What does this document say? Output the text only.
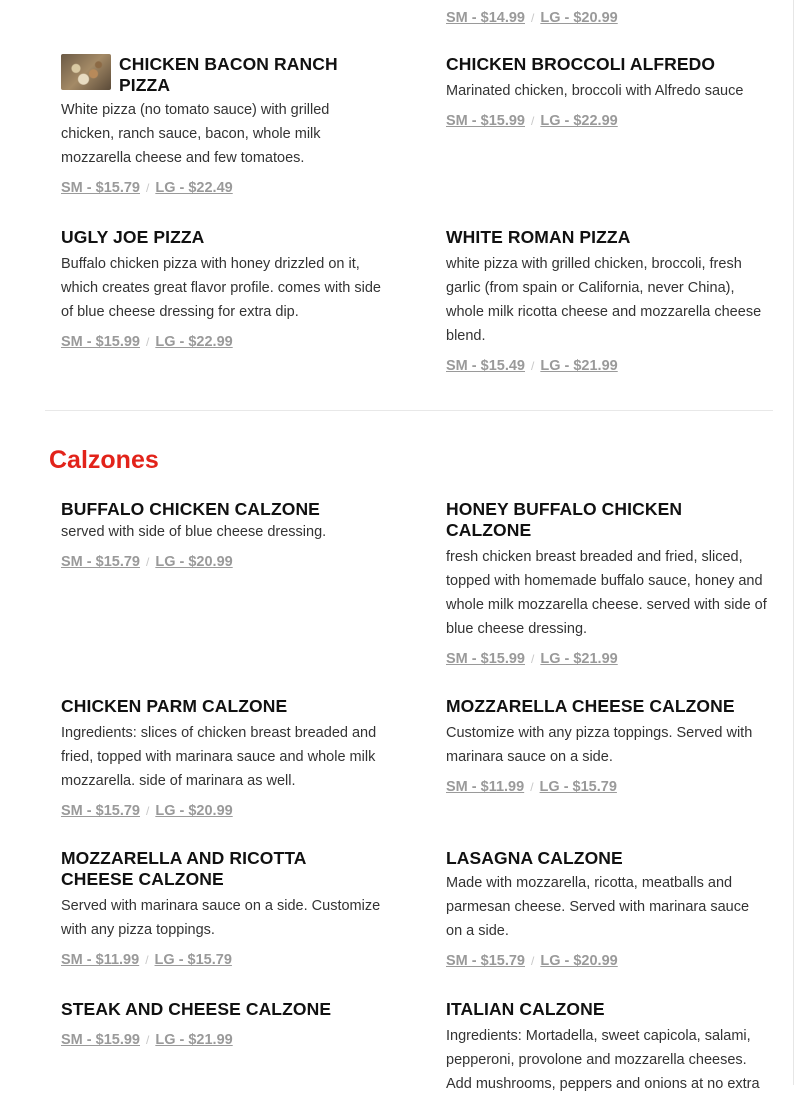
SM - $14.99 / LG - $20.99
CHICKEN BACON RANCH PIZZA

White pizza (no tomato sauce) with grilled chicken, ranch sauce, bacon, whole milk mozzarella cheese and few tomatoes.

SM - $15.79 / LG - $22.49
CHICKEN BROCCOLI ALFREDO

Marinated chicken, broccoli with Alfredo sauce

SM - $15.99 / LG - $22.99
UGLY JOE PIZZA

Buffalo chicken pizza with honey drizzled on it, which creates great flavor profile. comes with side of blue cheese dressing for extra dip.

SM - $15.99 / LG - $22.99
WHITE ROMAN PIZZA

white pizza with grilled chicken, broccoli, fresh garlic (from spain or California, never China), whole milk ricotta cheese and mozzarella cheese blend.

SM - $15.49 / LG - $21.99
Calzones
BUFFALO CHICKEN CALZONE

served with side of blue cheese dressing.

SM - $15.79 / LG - $20.99
HONEY BUFFALO CHICKEN CALZONE

fresh chicken breast breaded and fried, sliced, topped with homemade buffalo sauce, honey and whole milk mozzarella cheese. served with side of blue cheese dressing.

SM - $15.99 / LG - $21.99
CHICKEN PARM CALZONE

Ingredients: slices of chicken breast breaded and fried, topped with marinara sauce and whole milk mozzarella. side of marinara as well.

SM - $15.79 / LG - $20.99
MOZZARELLA CHEESE CALZONE

Customize with any pizza toppings. Served with marinara sauce on a side.

SM - $11.99 / LG - $15.79
MOZZARELLA AND RICOTTA CHEESE CALZONE

Served with marinara sauce on a side. Customize with any pizza toppings.

SM - $11.99 / LG - $15.79
LASAGNA CALZONE

Made with mozzarella, ricotta, meatballs and parmesan cheese. Served with marinara sauce on a side.

SM - $15.79 / LG - $20.99
STEAK AND CHEESE CALZONE
SM - $15.99 / LG - $21.99
ITALIAN CALZONE

Ingredients: Mortadella, sweet capicola, salami, pepperoni, provolone and mozzarella cheeses. Add mushrooms, peppers and onions at no extra
